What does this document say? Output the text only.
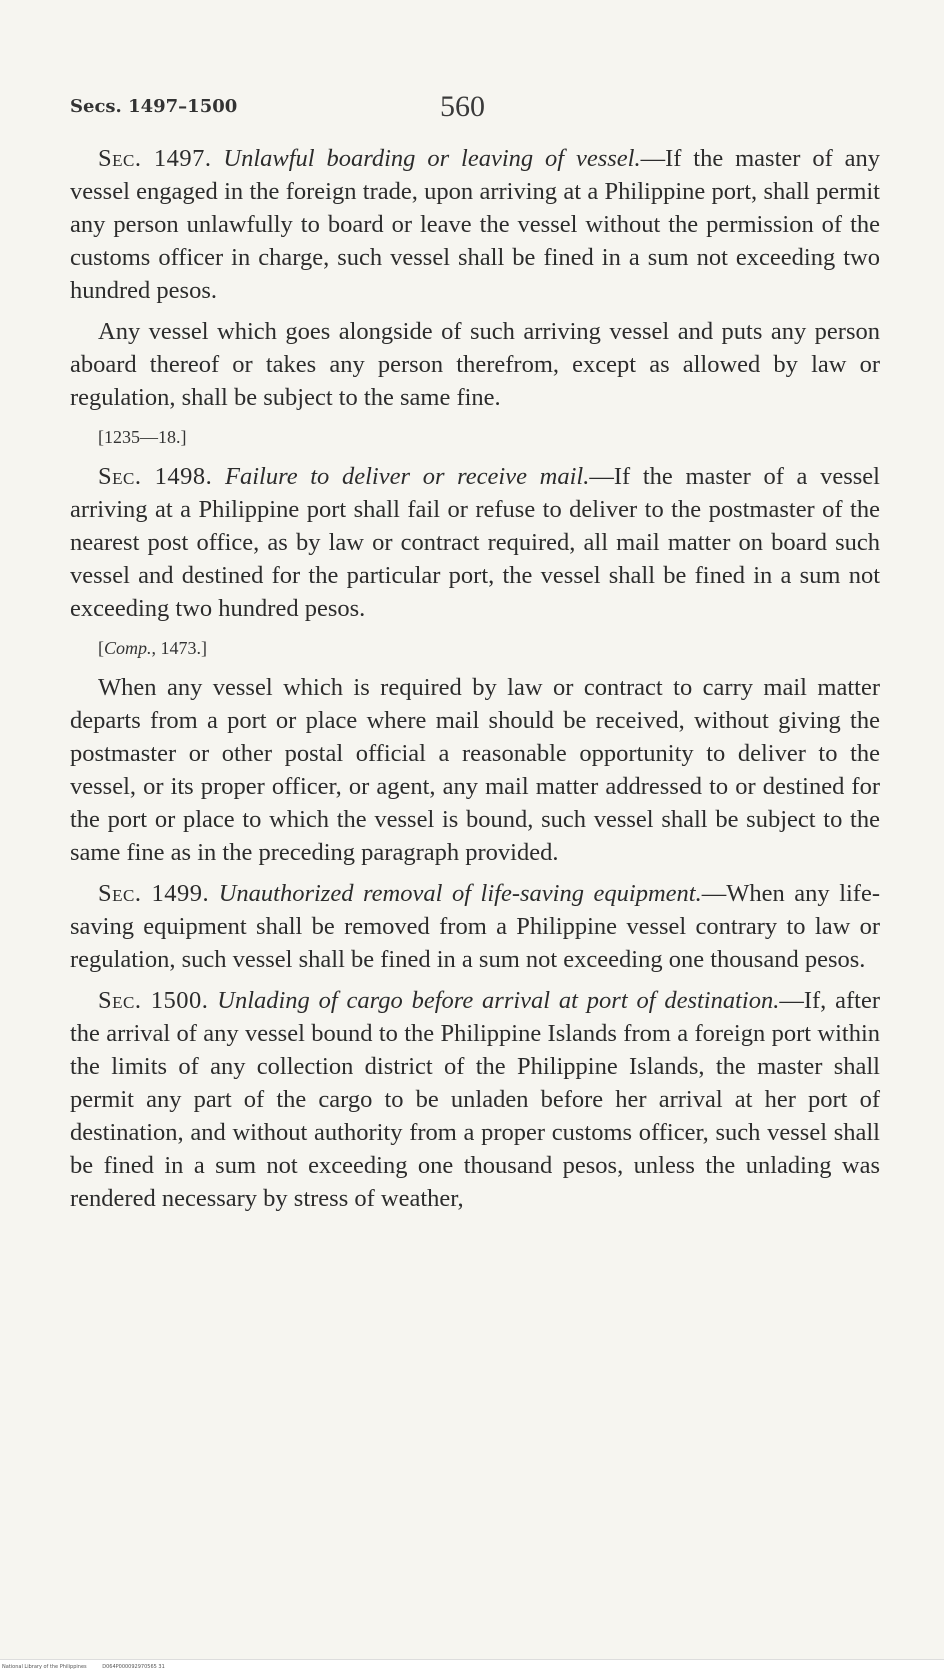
Secs. 1497–1500	560

Sec. 1497. Unlawful boarding or leaving of vessel.—If the master of any vessel engaged in the foreign trade, upon arriving at a Philippine port, shall permit any person unlawfully to board or leave the vessel without the permission of the customs officer in charge, such vessel shall be fined in a sum not exceeding two hundred pesos.

Any vessel which goes alongside of such arriving vessel and puts any person aboard thereof or takes any person therefrom, except as allowed by law or regulation, shall be subject to the same fine.

[1235—18.]

Sec. 1498. Failure to deliver or receive mail.—If the master of a vessel arriving at a Philippine port shall fail or refuse to deliver to the postmaster of the nearest post office, as by law or contract required, all mail matter on board such vessel and destined for the particular port, the vessel shall be fined in a sum not exceeding two hundred pesos.

[Comp., 1473.]

When any vessel which is required by law or contract to carry mail matter departs from a port or place where mail should be received, without giving the postmaster or other postal official a reasonable opportunity to deliver to the vessel, or its proper officer, or agent, any mail matter addressed to or destined for the port or place to which the vessel is bound, such vessel shall be subject to the same fine as in the preceding paragraph provided.

Sec. 1499. Unauthorized removal of life-saving equipment.—When any life-saving equipment shall be removed from a Philippine vessel contrary to law or regulation, such vessel shall be fined in a sum not exceeding one thousand pesos.

Sec. 1500. Unlading of cargo before arrival at port of destination.—If, after the arrival of any vessel bound to the Philippine Islands from a foreign port within the limits of any collection district of the Philippine Islands, the master shall permit any part of the cargo to be unladen before her arrival at her port of destination, and without authority from a proper customs officer, such vessel shall be fined in a sum not exceeding one thousand pesos, unless the unlading was rendered necessary by stress of weather,

National Library of the Philippines	D064P000092970565 31
